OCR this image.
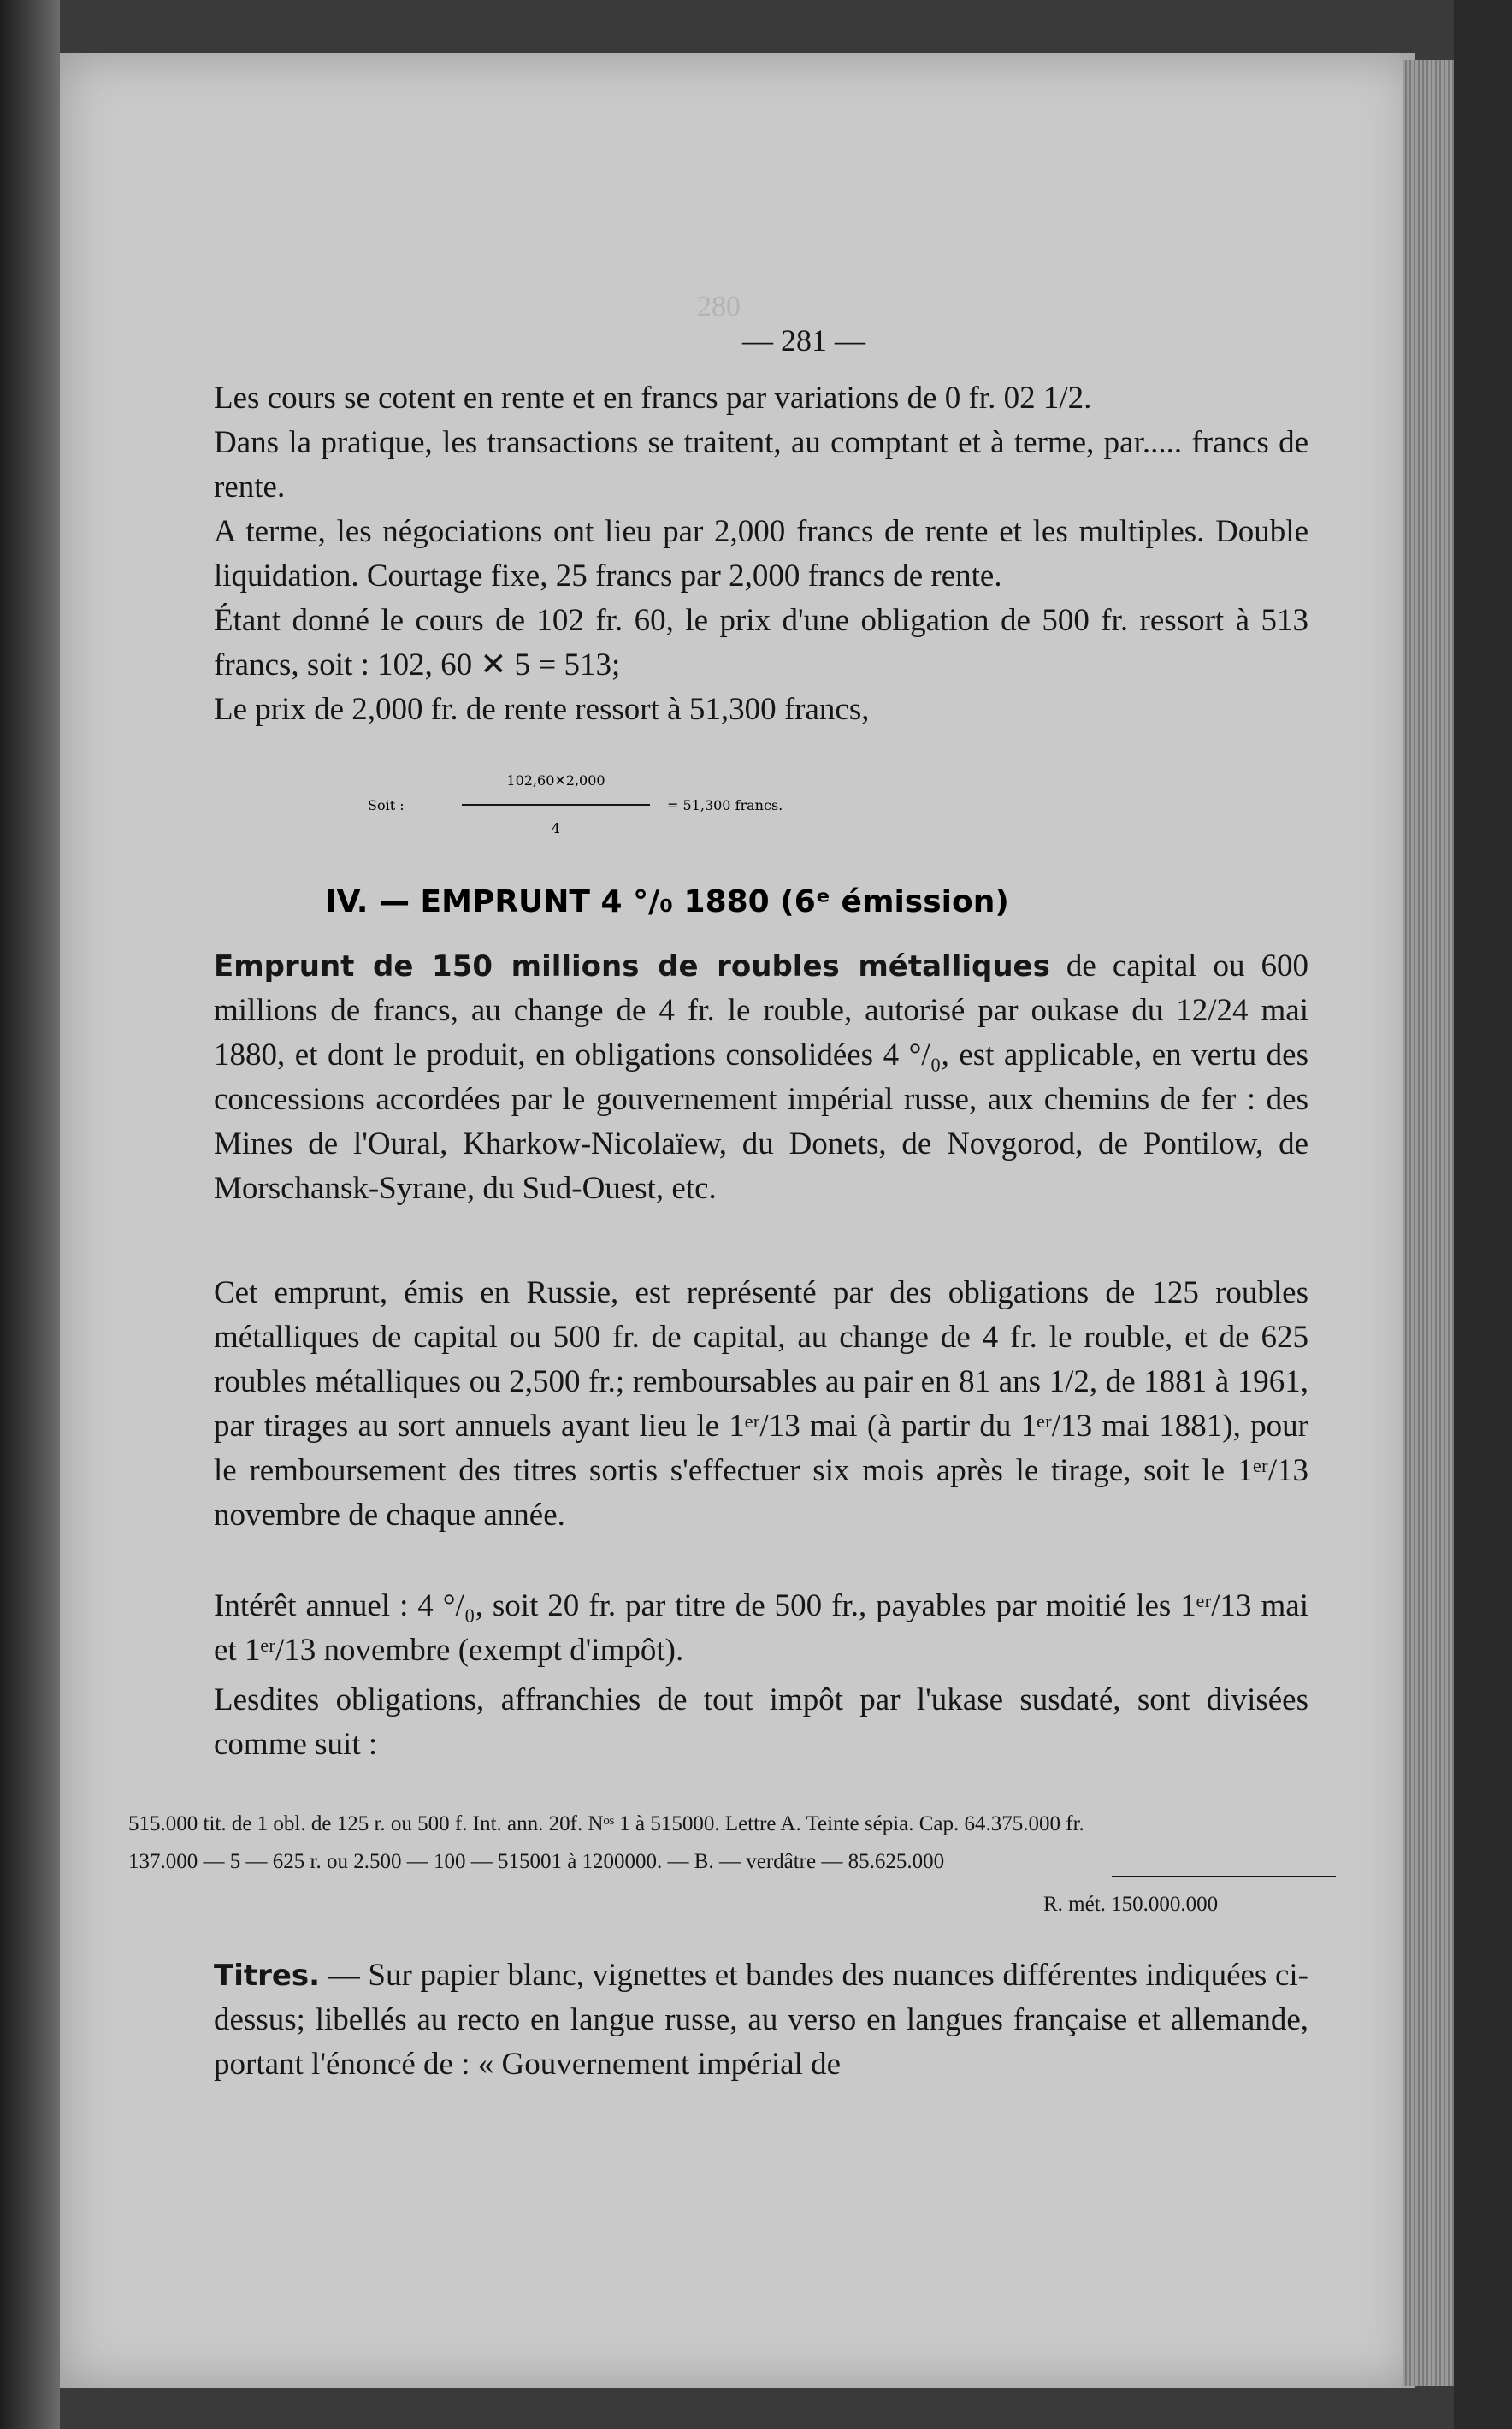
280
— 281 —
Les cours se cotent en rente et en francs par variations de 0 fr. 02 1/2.
Dans la pratique, les transactions se traitent, au comptant et à terme, par..... francs de rente.
A terme, les négociations ont lieu par 2,000 francs de rente et les multiples. Double liquidation. Courtage fixe, 25 francs par 2,000 francs de rente.
Étant donné le cours de 102 fr. 60, le prix d'une obligation de 500 fr. ressort à 513 francs, soit : 102, 60 ✕ 5 = 513;
Le prix de 2,000 fr. de rente ressort à 51,300 francs,
Soit :
102,60✕2,000
4
= 51,300 francs.
IV. — EMPRUNT 4 °/₀ 1880 (6ᵉ émission)
Emprunt de 150 millions de roubles métalliques de capital ou 600 millions de francs, au change de 4 fr. le rouble, autorisé par oukase du 12/24 mai 1880, et dont le produit, en obligations consolidées 4 °/₀, est applicable, en vertu des concessions accordées par le gouvernement impérial russe, aux chemins de fer : des Mines de l'Oural, Kharkow-Nicolaïew, du Donets, de Novgorod, de Pontilow, de Morschansk-Syrane, du Sud-Ouest, etc.
Cet emprunt, émis en Russie, est représenté par des obligations de 125 roubles métalliques de capital ou 500 fr. de capital, au change de 4 fr. le rouble, et de 625 roubles métalliques ou 2,500 fr.; remboursables au pair en 81 ans 1/2, de 1881 à 1961, par tirages au sort annuels ayant lieu le 1ᵉʳ/13 mai (à partir du 1ᵉʳ/13 mai 1881), pour le remboursement des titres sortis s'effectuer six mois après le tirage, soit le 1ᵉʳ/13 novembre de chaque année.
Intérêt annuel : 4 °/₀, soit 20 fr. par titre de 500 fr., payables par moitié les 1ᵉʳ/13 mai et 1ᵉʳ/13 novembre (exempt d'impôt).
Lesdites obligations, affranchies de tout impôt par l'ukase susdaté, sont divisées comme suit :
515.000 tit. de 1 obl. de 125 r. ou 500 f. Int. ann. 20f. Nᵒˢ 1 à 515000. Lettre A. Teinte sépia. Cap. 64.375.000 fr.
137.000 — 5 — 625 r. ou 2.500 — 100 — 515001 à 1200000. — B. — verdâtre — 85.625.000
R. mét. 150.000.000
Titres. — Sur papier blanc, vignettes et bandes des nuances différentes indiquées ci-dessus; libellés au recto en langue russe, au verso en langues française et allemande, portant l'énoncé de : « Gouvernement impérial de
